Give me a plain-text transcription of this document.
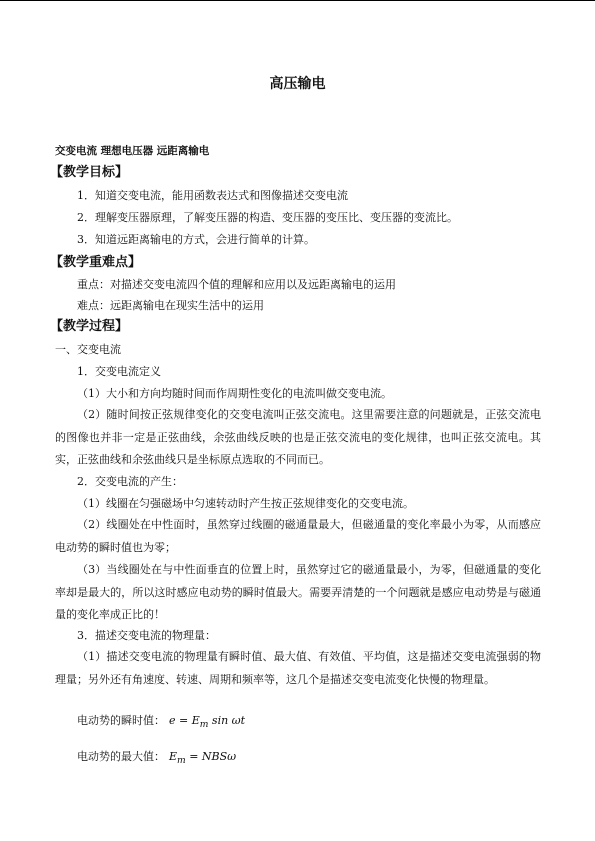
高压输电
交变电流 理想电压器 远距离输电
【教学目标】
1．知道交变电流，能用函数表达式和图像描述交变电流
2．理解变压器原理，了解变压器的构造、变压器的变压比、变压器的变流比。
3．知道远距离输电的方式，会进行简单的计算。
【教学重难点】
重点：对描述交变电流四个值的理解和应用以及远距离输电的运用
难点：远距离输电在现实生活中的运用
【教学过程】
一、交变电流
1．交变电流定义
（1）大小和方向均随时间而作周期性变化的电流叫做交变电流。
（2）随时间按正弦规律变化的交变电流叫正弦交流电。这里需要注意的问题就是，正弦交流电的图像也并非一定是正弦曲线，余弦曲线反映的也是正弦交流电的变化规律，也叫正弦交流电。其实，正弦曲线和余弦曲线只是坐标原点选取的不同而已。
2．交变电流的产生：
（1）线圈在匀强磁场中匀速转动时产生按正弦规律变化的交变电流。
（2）线圈处在中性面时，虽然穿过线圈的磁通量最大，但磁通量的变化率最小为零，从而感应电动势的瞬时值也为零；
（3）当线圈处在与中性面垂直的位置上时，虽然穿过它的磁通量最小，为零，但磁通量的变化率却是最大的，所以这时感应电动势的瞬时值最大。需要弄清楚的一个问题就是感应电动势是与磁通量的变化率成正比的！
3．描述交变电流的物理量：
（1）描述交变电流的物理量有瞬时值、最大值、有效值、平均值，这是描述交变电流强弱的物理量；另外还有角速度、转速、周期和频率等，这几个是描述交变电流变化快慢的物理量。
电动势的瞬时值： $e = E_m$ sin ωt
电动势的最大值： $E_m = NBS\omega$
